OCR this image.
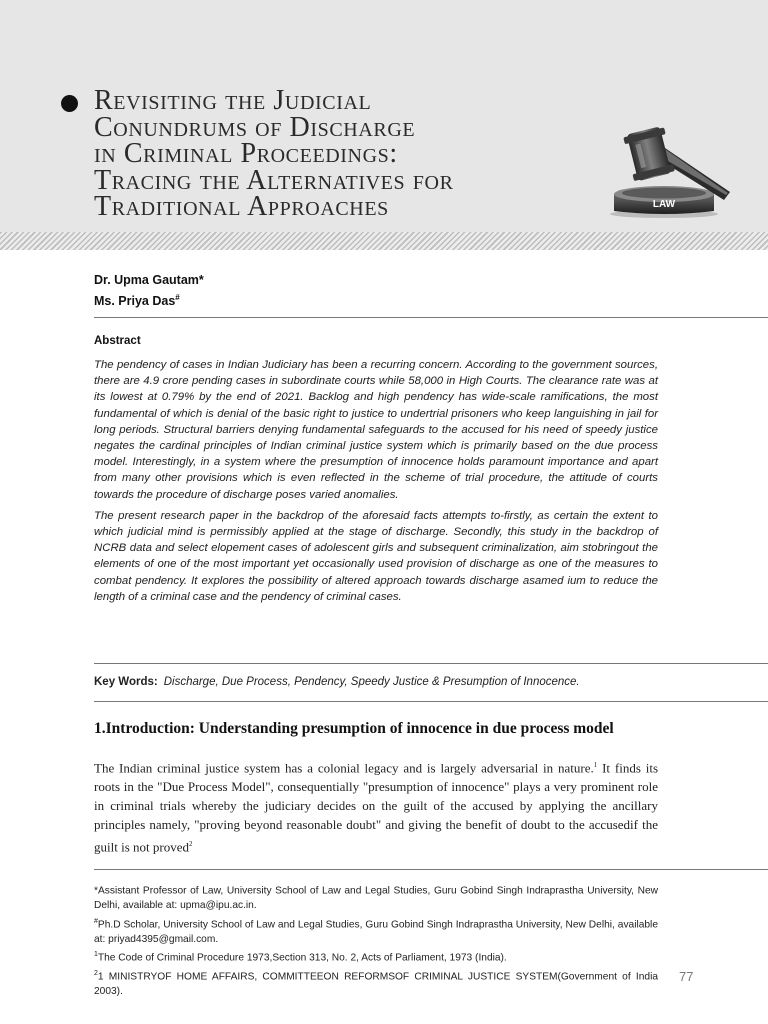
Revisiting the Judicial
Conundrums of Discharge
in Criminal Proceedings:
Tracing the Alternatives for
Traditional Approaches	LAW
Dr. Upma Gautam*
Ms. Priya Das#
Abstract

The pendency of cases in Indian Judiciary has been a recurring concern. According to the government sources, there are 4.9 crore pending cases in subordinate courts while 58,000 in High Courts. The clearance rate was at its lowest at 0.79% by the end of 2021. Backlog and high pendency has wide-scale ramifications, the most fundamental of which is denial of the basic right to justice to undertrial prisoners who keep languishing in jail for long periods. Structural barriers denying fundamental safeguards to the accused for his need of speedy justice negates the cardinal principles of Indian criminal justice system which is primarily based on the due process model. Interestingly, in a system where the presumption of innocence holds paramount importance and apart from many other provisions which is even reflected in the scheme of trial procedure, the attitude of courts towards the procedure of discharge poses varied anomalies.

The present research paper in the backdrop of the aforesaid facts attempts to-firstly, as certain the extent to which judicial mind is permissibly applied at the stage of discharge. Secondly, this study in the backdrop of NCRB data and select elopement cases of adolescent girls and subsequent criminalization, aim stobringout the elements of one of the most important yet occasionally used provision of discharge as one of the measures to combat pendency. It explores the possibility of altered approach towards discharge asamed ium to reduce the length of a criminal case and the pendency of criminal cases.

Key Words: Discharge, Due Process, Pendency, Speedy Justice & Presumption of Innocence.
1.Introduction: Understanding presumption of innocence in due process model
The Indian criminal justice system has a colonial legacy and is largely adversarial in nature.$^1$ It finds its roots in the "Due Process Model", consequentially "presumption of innocence" plays a very prominent role in criminal trials whereby the judiciary decides on the guilt of the accused by applying the ancillary principles namely, "proving beyond reasonable doubt" and giving the benefit of doubt to the accusedif the guilt is not proved$^2$
*Assistant Professor of Law, University School of Law and Legal Studies, Guru Gobind Singh Indraprastha University, New Delhi, available at: upma@ipu.ac.in.
#Ph.D Scholar, University School of Law and Legal Studies, Guru Gobind Singh Indraprastha University, New Delhi, available at: priyad4395@gmail.com.
$^1$The Code of Criminal Procedure 1973,Section 313, No. 2, Acts of Parliament, 1973 (India).
$^2$1 MINISTRYOF HOME AFFAIRS, COMMITTEEON REFORMSOF CRIMINAL JUSTICE SYSTEM(Government of India 2003).
77
